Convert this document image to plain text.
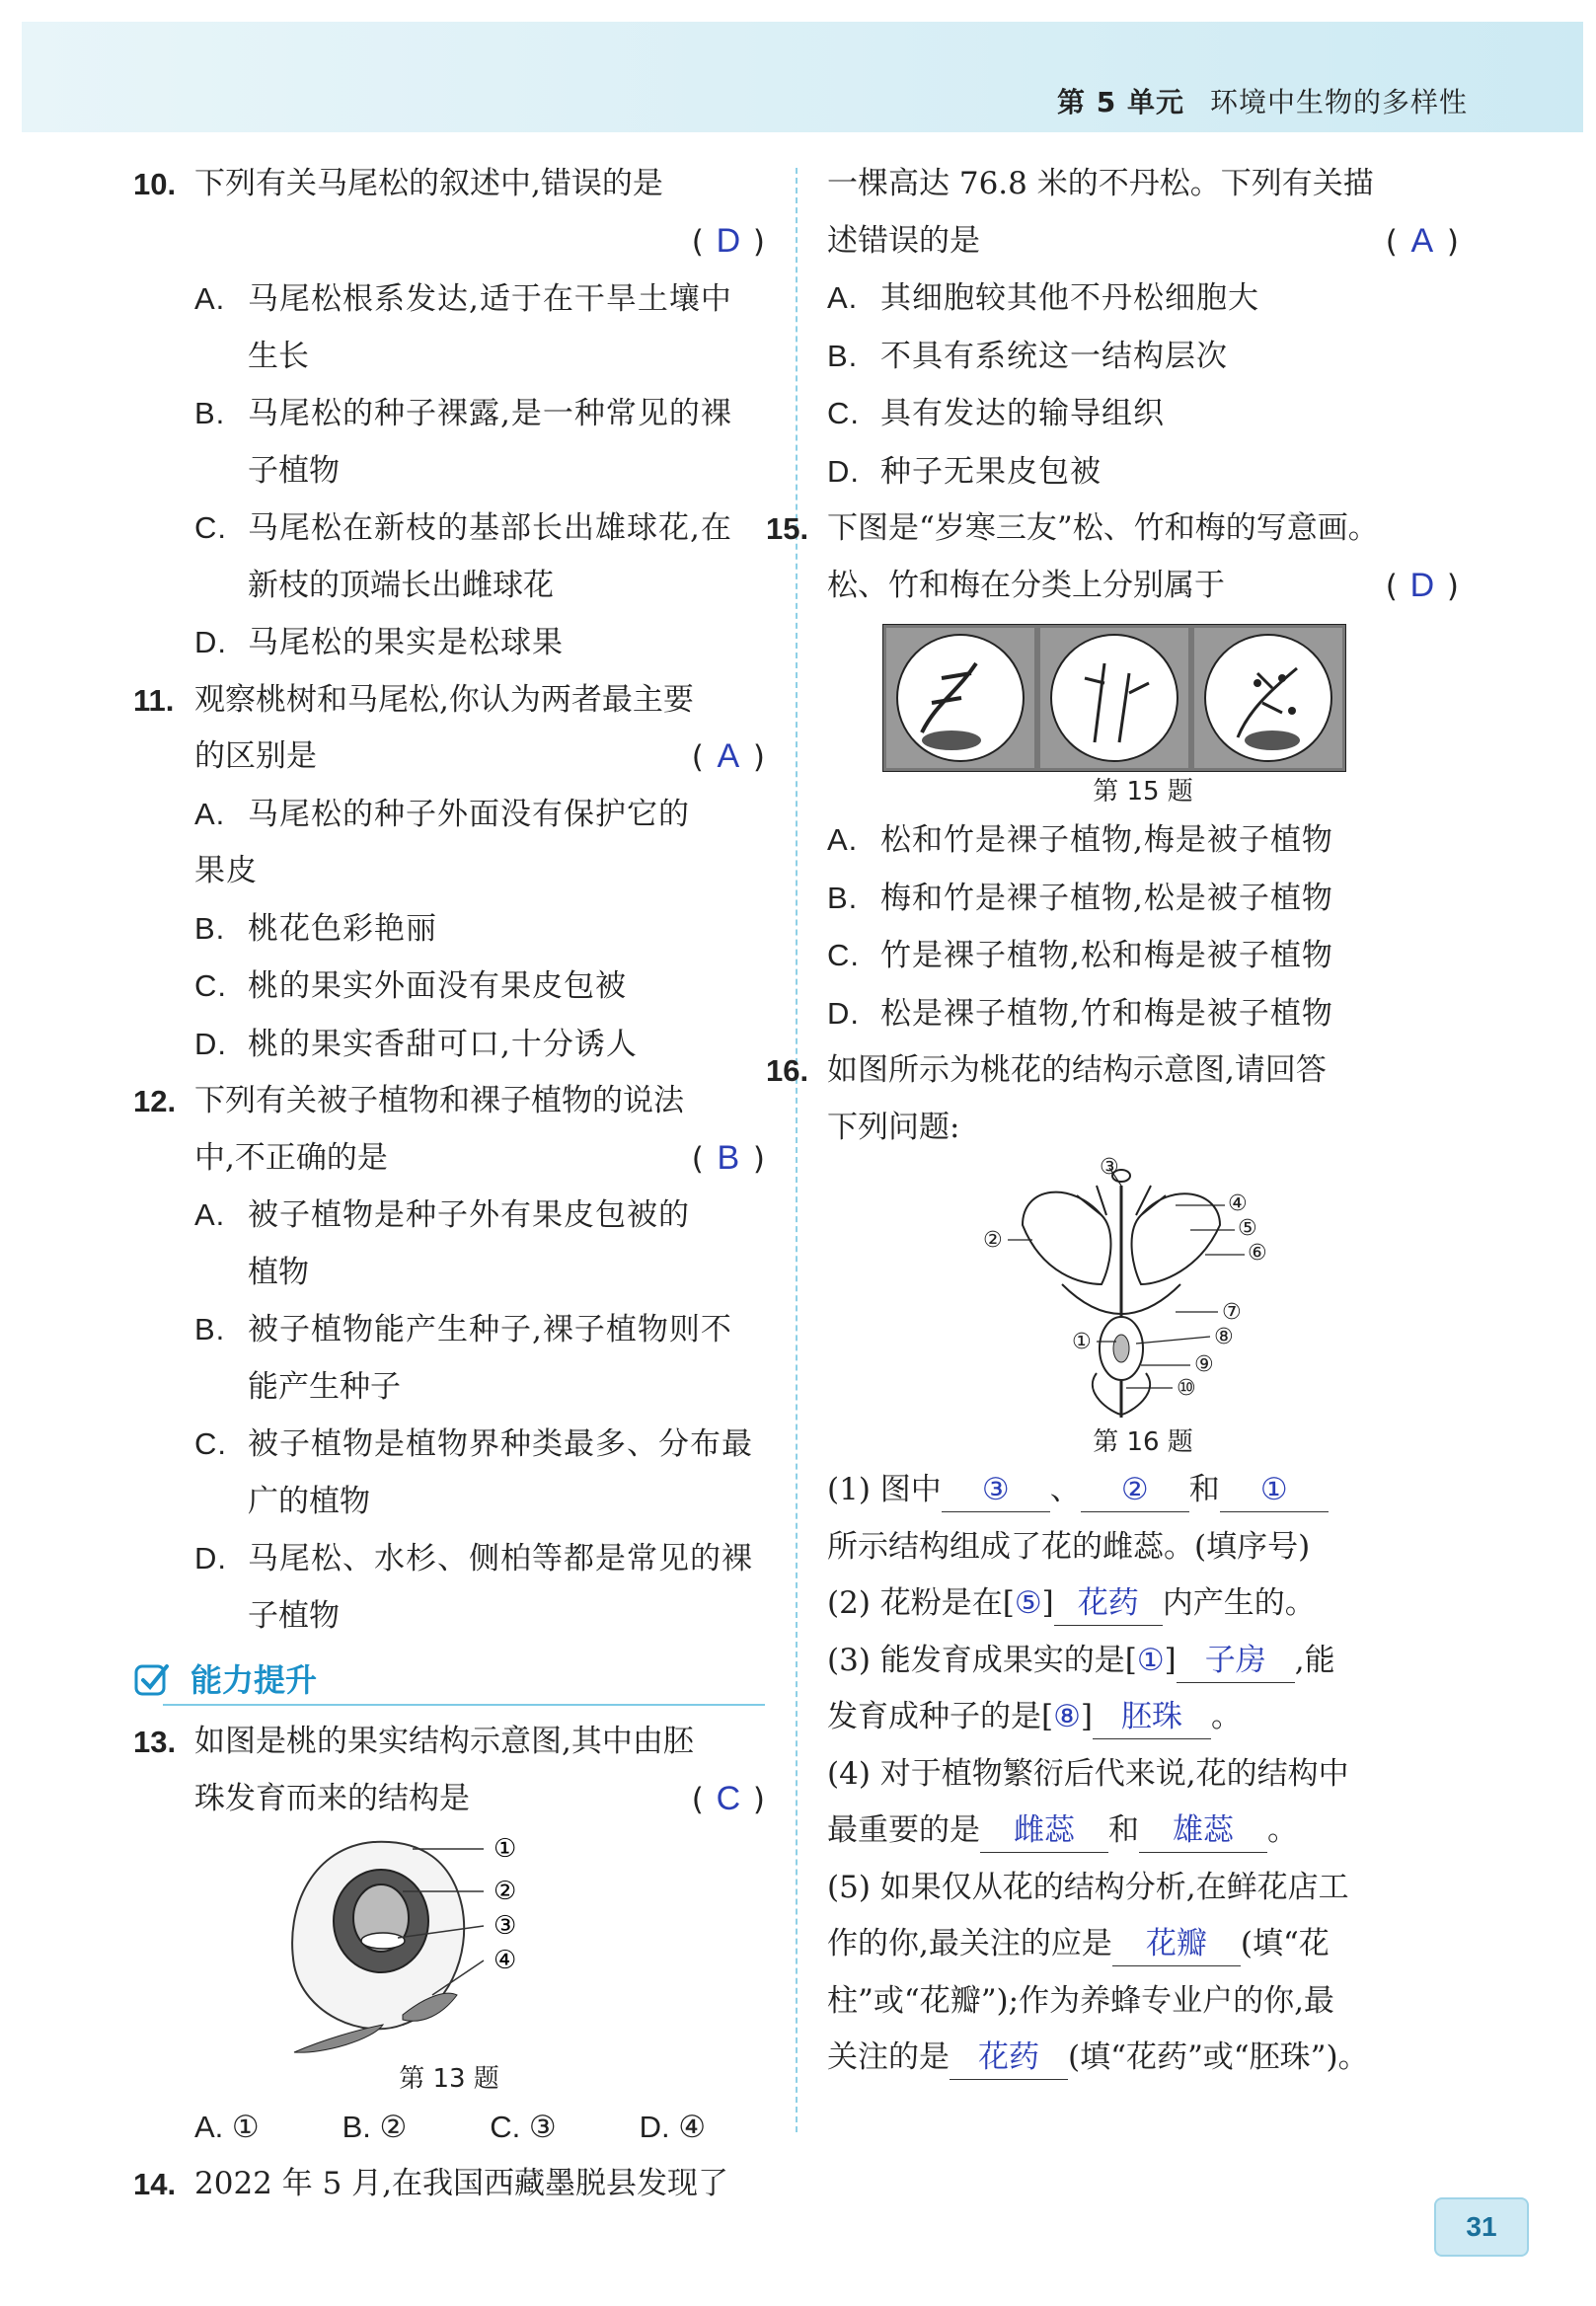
第 5 单元 环境中生物的多样性
10. 下列有关马尾松的叙述中,错误的是
( D )
A. 马尾松根系发达,适于在干旱土壤中
生长
B. 马尾松的种子裸露,是一种常见的裸
子植物
C. 马尾松在新枝的基部长出雄球花,在
新枝的顶端长出雌球花
D. 马尾松的果实是松球果
11. 观察桃树和马尾松,你认为两者最主要
的区别是	( A )
A. 马尾松的种子外面没有保护它的果皮
B. 桃花色彩艳丽
C. 桃的果实外面没有果皮包被
D. 桃的果实香甜可口,十分诱人
12. 下列有关被子植物和裸子植物的说法
中,不正确的是	( B )
A. 被子植物是种子外有果皮包被的
植物
B. 被子植物能产生种子,裸子植物则不
能产生种子
C. 被子植物是植物界种类最多、分布最
广的植物
D. 马尾松、水杉、侧柏等都是常见的裸
子植物
能力提升
13. 如图是桃的果实结构示意图,其中由胚
珠发育而来的结构是	( C )
①
②
③
④
第 13 题
A. ①	B. ②	C. ③	D. ④
14. 2022 年 5 月,在我国西藏墨脱县发现了
一棵高达 76.8 米的不丹松。下列有关描
述错误的是	( A )
A. 其细胞较其他不丹松细胞大
B. 不具有系统这一结构层次
C. 具有发达的输导组织
D. 种子无果皮包被
15. 下图是“岁寒三友”松、竹和梅的写意画。
松、竹和梅在分类上分别属于	( D )
第 15 题
A. 松和竹是裸子植物,梅是被子植物
B. 梅和竹是裸子植物,松是被子植物
C. 竹是裸子植物,松和梅是被子植物
D. 松是裸子植物,竹和梅是被子植物
16. 如图所示为桃花的结构示意图,请回答
下列问题:
③
④
⑤
②
⑥
⑦
⑧
①
⑨
⑩
第 16 题
(1) 图中 ③ 、 ② 和 ①
所示结构组成了花的雌蕊。(填序号)
(2) 花粉是在[⑤] 花药 内产生的。
(3) 能发育成果实的是[①] 子房 ,能
发育成种子的是[⑧] 胚珠 。
(4) 对于植物繁衍后代来说,花的结构中
最重要的是 雌蕊 和 雄蕊 。
(5) 如果仅从花的结构分析,在鲜花店工
作的你,最关注的应是 花瓣 (填“花
柱”或“花瓣”);作为养蜂专业户的你,最
关注的是 花药 (填“花药”或“胚珠”)。
31
